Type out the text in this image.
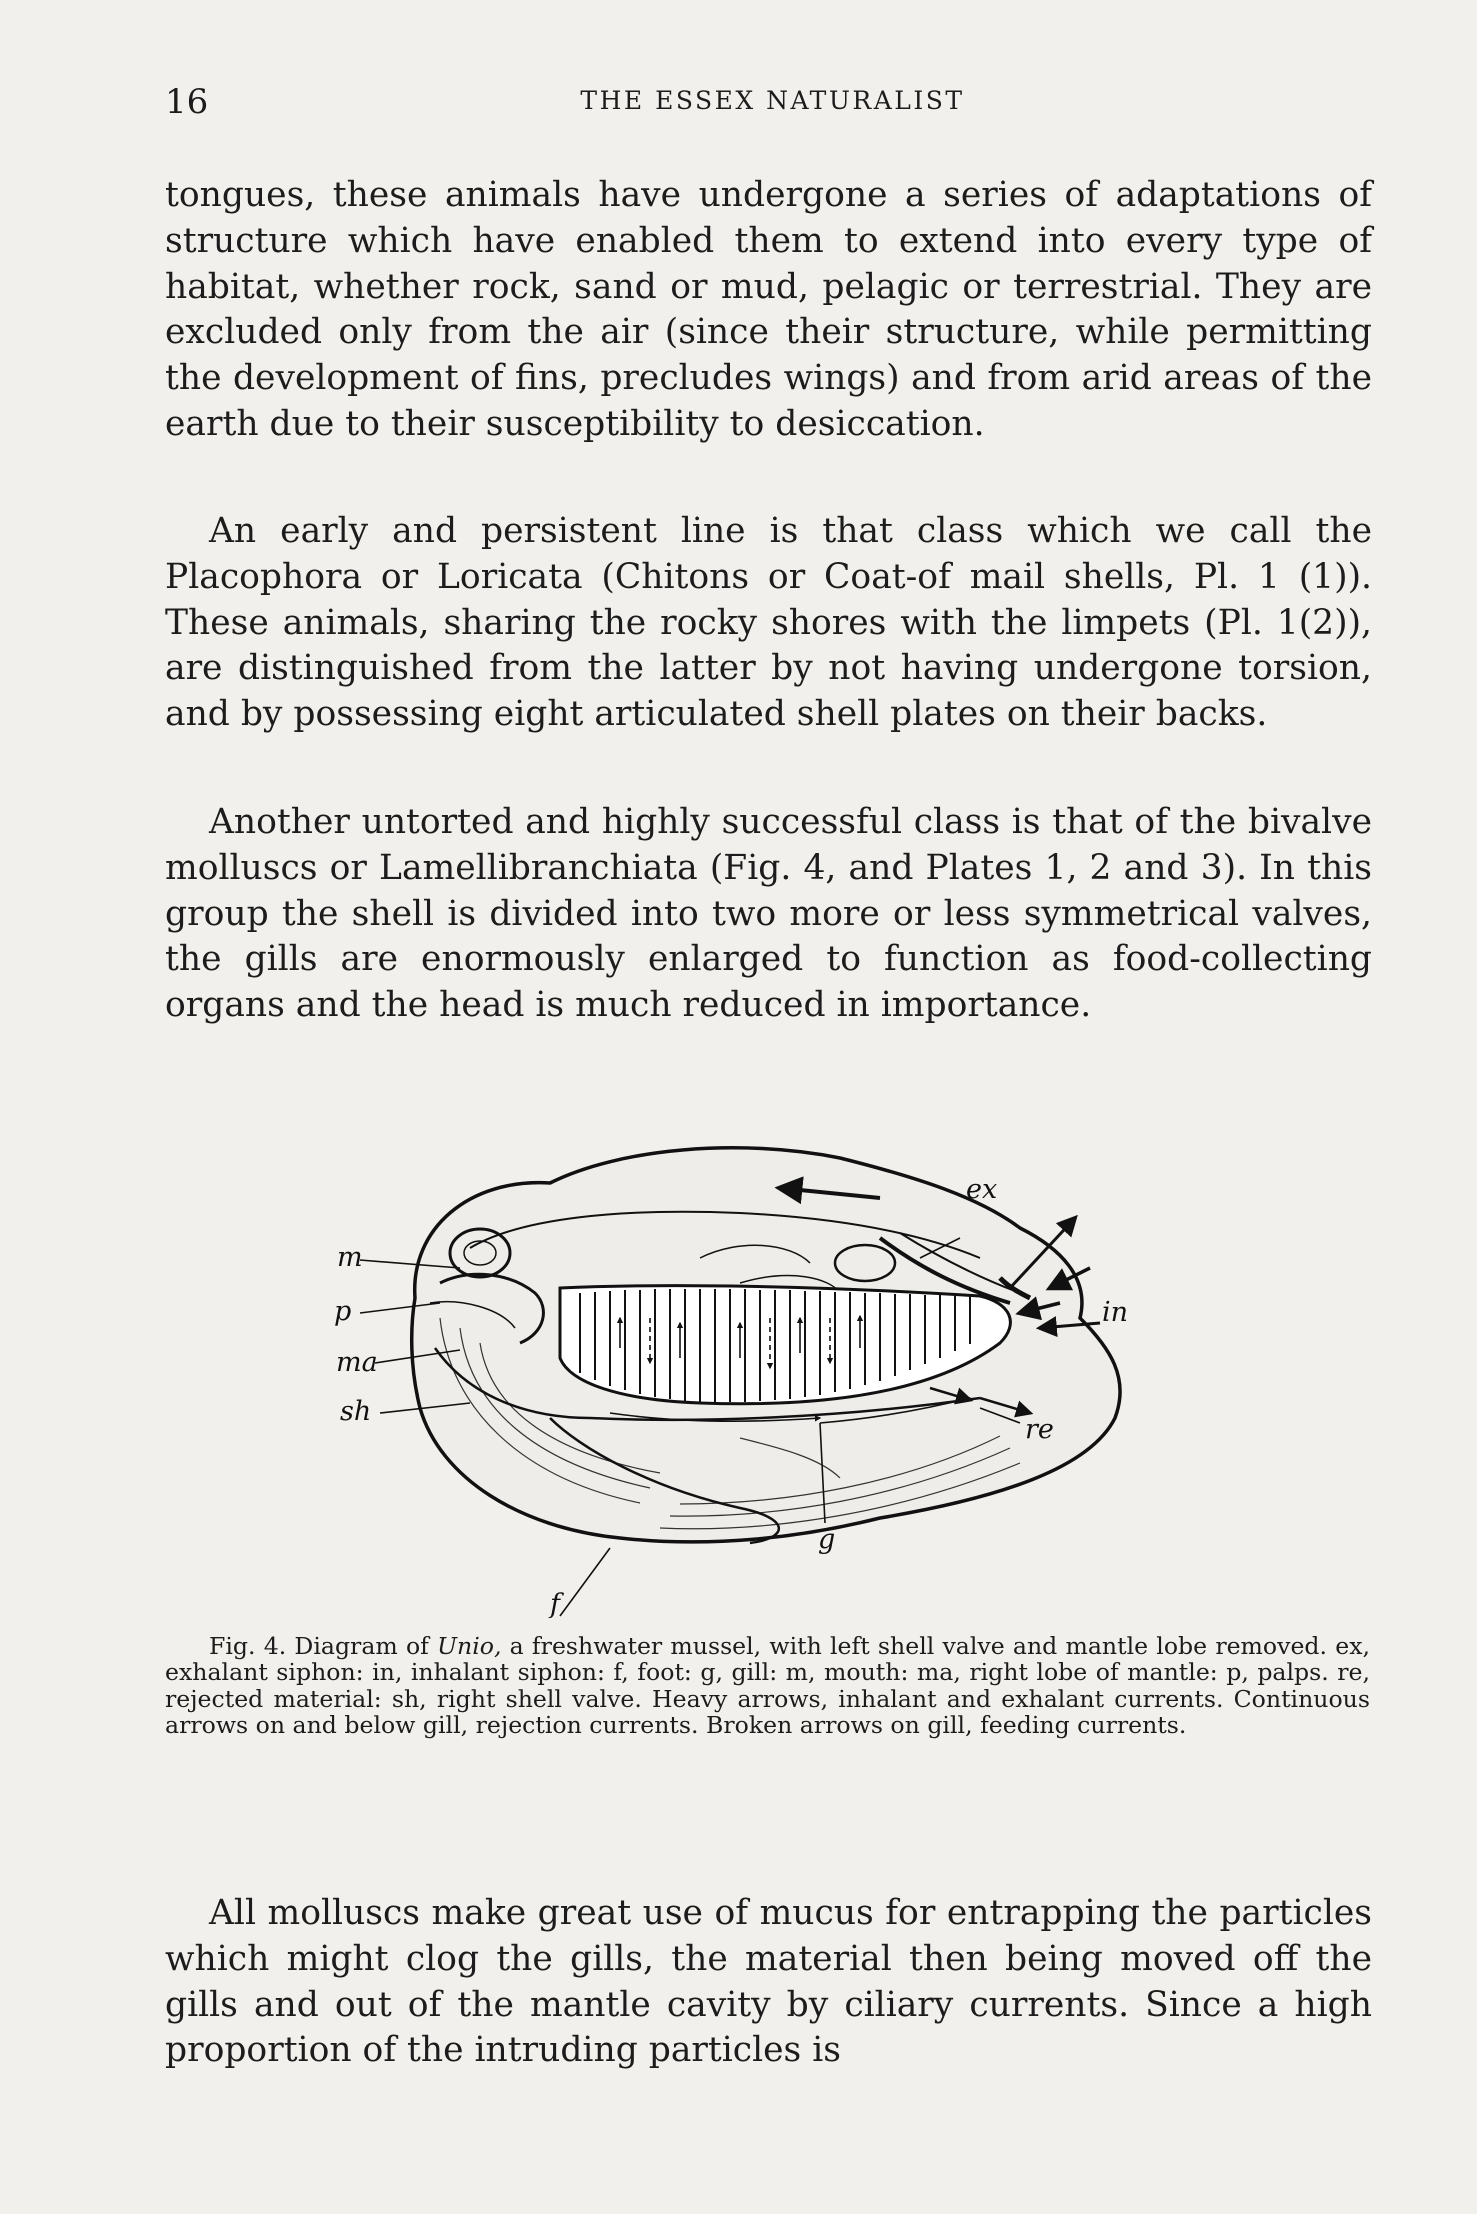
16	THE ESSEX NATURALIST

tongues, these animals have undergone a series of adaptations of structure which have enabled them to extend into every type of habitat, whether rock, sand or mud, pelagic or terrestrial. They are excluded only from the air (since their structure, while permitting the development of fins, precludes wings) and from arid areas of the earth due to their susceptibility to desiccation.

An early and persistent line is that class which we call the Placophora or Loricata (Chitons or Coat-of mail shells, Pl. 1 (1)). These animals, sharing the rocky shores with the limpets (Pl. 1(2)), are distinguished from the latter by not having undergone torsion, and by possessing eight articulated shell plates on their backs.

Another untorted and highly successful class is that of the bivalve molluscs or Lamellibranchiata (Fig. 4, and Plates 1, 2 and 3). In this group the shell is divided into two more or less symmetrical valves, the gills are enormously enlarged to function as food-collecting organs and the head is much reduced in importance.

m
p
ma
sh
ex
in
re
g
f

Fig. 4. Diagram of Unio, a freshwater mussel, with left shell valve and mantle lobe removed. ex, exhalant siphon: in, inhalant siphon: f, foot: g, gill: m, mouth: ma, right lobe of mantle: p, palps. re, rejected material: sh, right shell valve. Heavy arrows, inhalant and exhalant currents. Continuous arrows on and below gill, rejection currents. Broken arrows on gill, feeding currents.

All molluscs make great use of mucus for entrapping the particles which might clog the gills, the material then being moved off the gills and out of the mantle cavity by ciliary currents. Since a high proportion of the intruding particles is
